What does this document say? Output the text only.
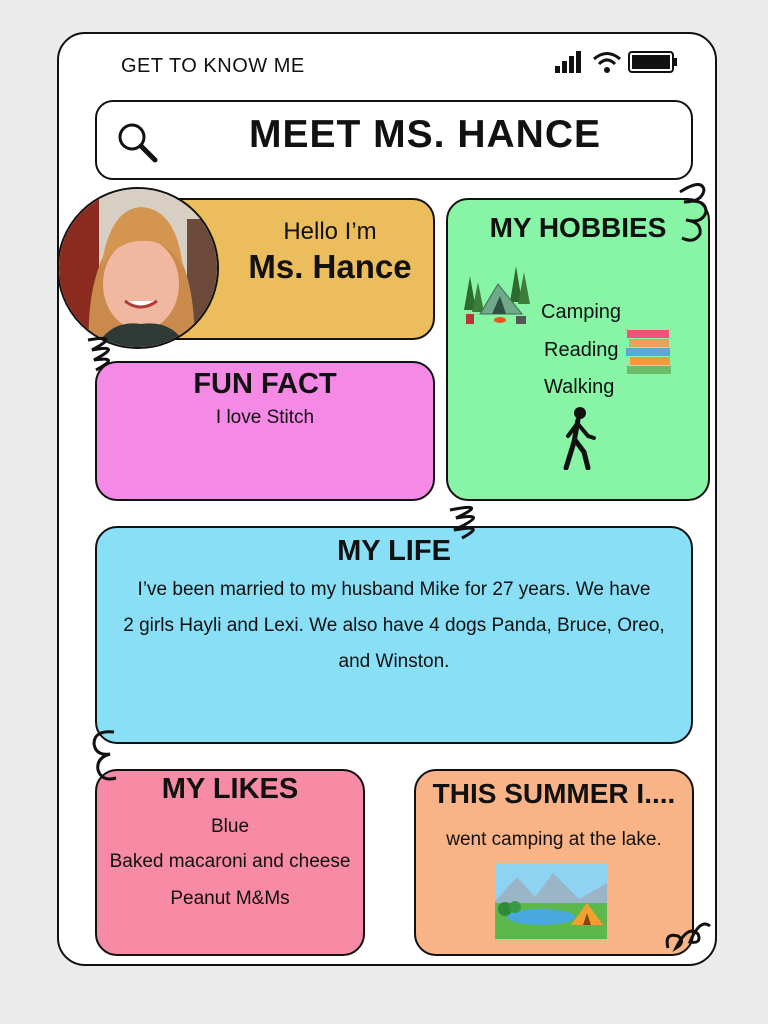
GET TO KNOW ME
MEET MS. HANCE
Hello I’m
Ms. Hance
FUN FACT
I love Stitch
MY HOBBIES
Camping
Reading
Walking
MY LIFE
I’ve been married to my husband Mike for 27 years. We have
2 girls Hayli and Lexi. We also have 4 dogs Panda, Bruce, Oreo,
and Winston.
MY LIKES
Blue
Baked macaroni and cheese
Peanut M&Ms
THIS SUMMER I....
went camping at the lake.
